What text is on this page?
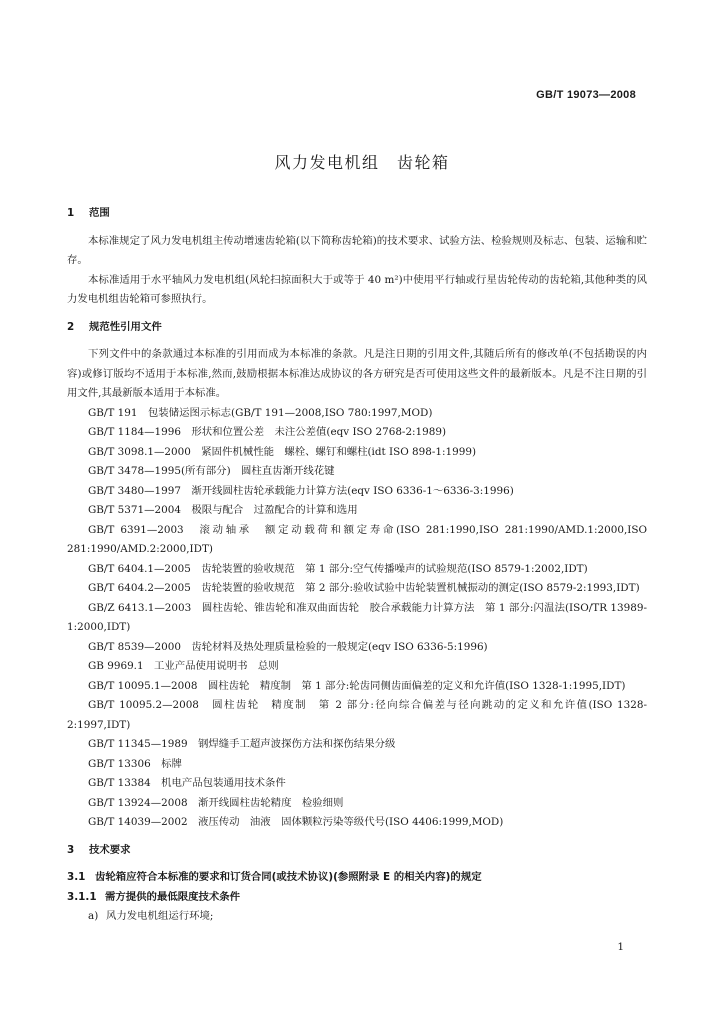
GB/T 19073—2008
风力发电机组　齿轮箱
1 范围
本标准规定了风力发电机组主传动增速齿轮箱(以下简称齿轮箱)的技术要求、试验方法、检验规则及标志、包装、运输和贮存。
本标准适用于水平轴风力发电机组(风轮扫掠面积大于或等于 40 m²)中使用平行轴或行星齿轮传动的齿轮箱,其他种类的风力发电机组齿轮箱可参照执行。
2 规范性引用文件
下列文件中的条款通过本标准的引用而成为本标准的条款。凡是注日期的引用文件,其随后所有的修改单(不包括勘误的内容)或修订版均不适用于本标准,然而,鼓励根据本标准达成协议的各方研究是否可使用这些文件的最新版本。凡是不注日期的引用文件,其最新版本适用于本标准。
GB/T 191　包装储运图示标志(GB/T 191—2008,ISO 780:1997,MOD)
GB/T 1184—1996　形状和位置公差　未注公差值(eqv ISO 2768-2:1989)
GB/T 3098.1—2000　紧固件机械性能　螺栓、螺钉和螺柱(idt ISO 898-1:1999)
GB/T 3478—1995(所有部分)　圆柱直齿渐开线花键
GB/T 3480—1997　渐开线圆柱齿轮承载能力计算方法(eqv ISO 6336-1～6336-3:1996)
GB/T 5371—2004　极限与配合　过盈配合的计算和选用
GB/T 6391—2003　滚动轴承　额定动载荷和额定寿命(ISO 281:1990,ISO 281:1990/AMD.1:2000,ISO 281:1990/AMD.2:2000,IDT)
GB/T 6404.1—2005　齿轮装置的验收规范　第 1 部分:空气传播噪声的试验规范(ISO 8579-1:2002,IDT)
GB/T 6404.2—2005　齿轮装置的验收规范　第 2 部分:验收试验中齿轮装置机械振动的测定(ISO 8579-2:1993,IDT)
GB/Z 6413.1—2003　圆柱齿轮、锥齿轮和准双曲面齿轮　胶合承载能力计算方法　第 1 部分:闪温法(ISO/TR 13989-1:2000,IDT)
GB/T 8539—2000　齿轮材料及热处理质量检验的一般规定(eqv ISO 6336-5:1996)
GB 9969.1　工业产品使用说明书　总则
GB/T 10095.1—2008　圆柱齿轮　精度制　第 1 部分:轮齿同侧齿面偏差的定义和允许值(ISO 1328-1:1995,IDT)
GB/T 10095.2—2008　圆柱齿轮　精度制　第 2 部分:径向综合偏差与径向跳动的定义和允许值(ISO 1328-2:1997,IDT)
GB/T 11345—1989　钢焊缝手工超声波探伤方法和探伤结果分级
GB/T 13306　标牌
GB/T 13384　机电产品包装通用技术条件
GB/T 13924—2008　渐开线圆柱齿轮精度　检验细则
GB/T 14039—2002　液压传动　油液　固体颗粒污染等级代号(ISO 4406:1999,MOD)
3 技术要求
3.1 齿轮箱应符合本标准的要求和订货合同(或技术协议)(参照附录 E 的相关内容)的规定
3.1.1 需方提供的最低限度技术条件
a) 风力发电机组运行环境;
1
